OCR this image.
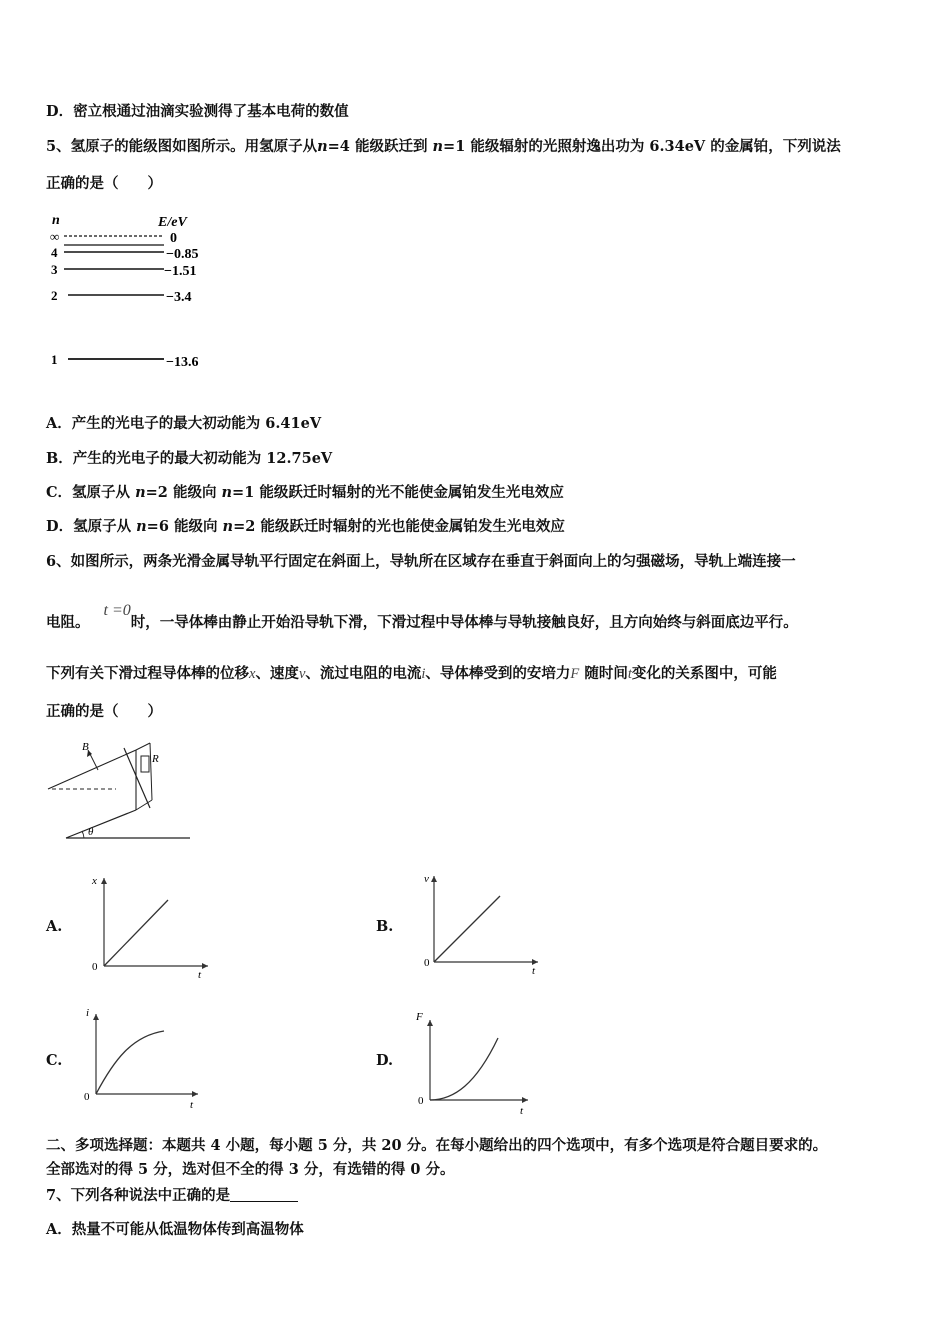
D．密立根通过油滴实验测得了基本电荷的数值
5、氢原子的能级图如图所示。用氢原子从n=4 能级跃迁到 n=1 能级辐射的光照射逸出功为 6.34eV 的金属铂，下列说法
正确的是（　　）
n	E/eV
∞	0
4	−0.85
3	−1.51
2	−3.4
1	−13.6
A．产生的光电子的最大初动能为 6.41eV
B．产生的光电子的最大初动能为 12.75eV
C．氢原子从 n=2 能级向 n=1 能级跃迁时辐射的光不能使金属铂发生光电效应
D．氢原子从 n=6 能级向 n=2 能级跃迁时辐射的光也能使金属铂发生光电效应
6、如图所示，两条光滑金属导轨平行固定在斜面上，导轨所在区域存在垂直于斜面向上的匀强磁场，导轨上端连接一
电阻。t =0时，一导体棒由静止开始沿导轨下滑，下滑过程中导体棒与导轨接触良好，且方向始终与斜面底边平行。
下列有关下滑过程导体棒的位移x、速度v、流过电阻的电流i、导体棒受到的安培力F 随时间t变化的关系图中，可能
正确的是（　　）
θ
R
B
A.
x
t
0
B.
v
t
0
C.
i
t
0
D.
F
t
0
二、多项选择题：本题共 4 小题，每小题 5 分，共 20 分。在每小题给出的四个选项中，有多个选项是符合题目要求的。
全部选对的得 5 分，选对但不全的得 3 分，有选错的得 0 分。
7、下列各种说法中正确的是
A．热量不可能从低温物体传到高温物体
